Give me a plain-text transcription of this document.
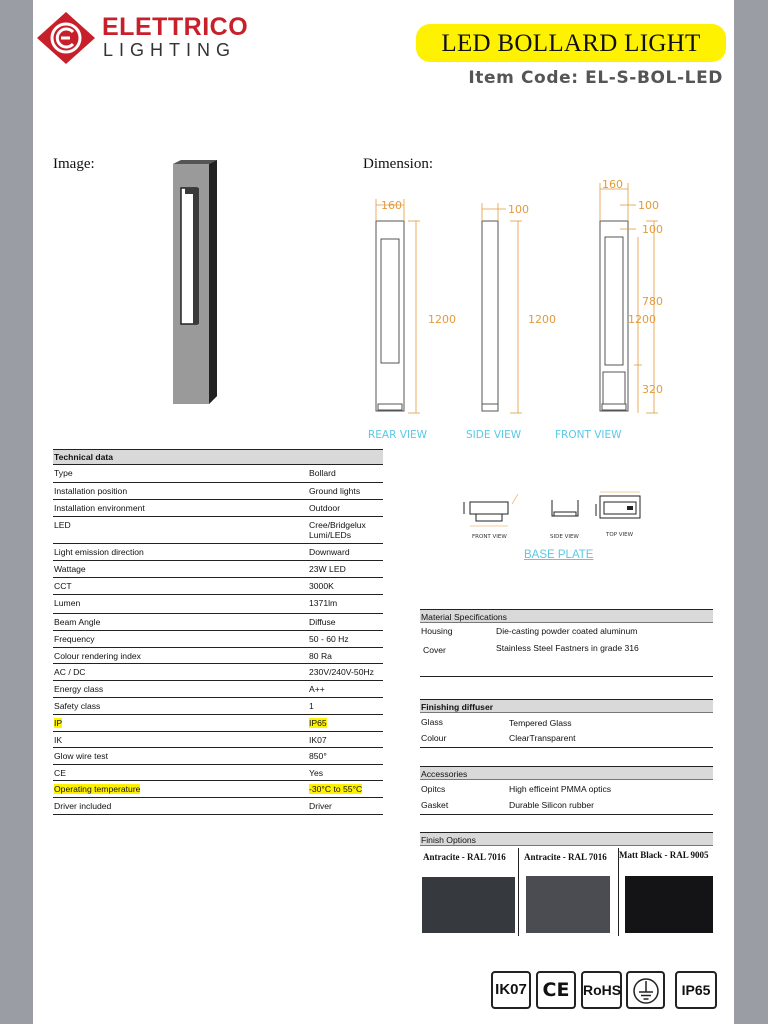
ELETTRICO
LIGHTING	LED BOLLARD LIGHT
Item Code: EL-S-BOL-LED
Image:	Dimension:
160
1200
100
1200
160
100
100
780
1200
320
REAR VIEW	SIDE VIEW	FRONT VIEW
FRONT VIEW	SIDE VIEW	TOP VIEW
BASE PLATE
Technical data
Type	Bollard
Installation position	Ground lights
Installation environment	Outdoor
LED	Cree/Bridgelux Lumi/LEDs
Light emission direction	Downward
Wattage	23W LED
CCT	3000K
Lumen	1371lm
Beam Angle	Diffuse
Frequency	50 - 60 Hz
Colour rendering index	80 Ra
AC / DC	230V/240V-50Hz
Energy class	A++
Safety class	1
IP	IP65
IK	IK07
Glow wire test	850°
CE	Yes
Operating temperature	-30°C to 55°C
Driver included	Driver
Material Specifications
Housing	Die-casting powder coated aluminum
Cover	Stainless Steel Fastners in grade 316
Finishing diffuser
Glass	Tempered Glass
Colour	ClearTransparent
Accessories
Opitcs	High efficeint PMMA optics
Gasket	Durable Silicon rubber
Finish Options
Antracite - RAL 7016 Antracite - RAL 7016 Matt Black - RAL 9005
IK07 CE RoHS	IP65
